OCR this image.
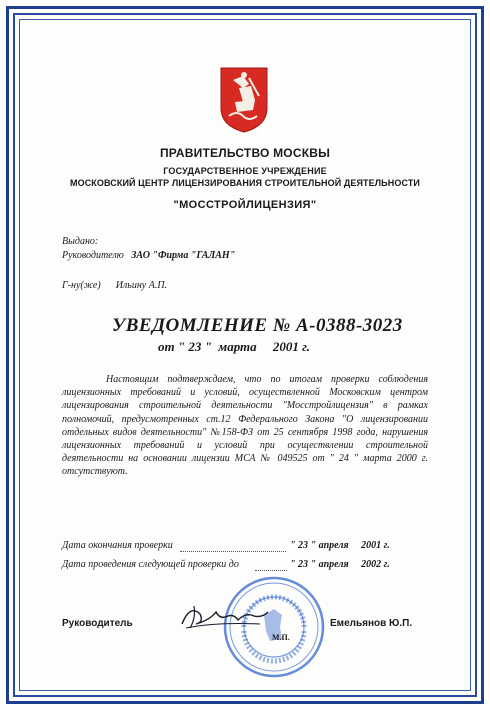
ПРАВИТЕЛЬСТВО МОСКВЫ
ГОСУДАРСТВЕННОЕ УЧРЕЖДЕНИЕ
МОСКОВСКИЙ ЦЕНТР ЛИЦЕНЗИРОВАНИЯ СТРОИТЕЛЬНОЙ ДЕЯТЕЛЬНОСТИ
"МОССТРОЙЛИЦЕНЗИЯ"
Выдано:
Руководителю ЗАО "Фирма "ГАЛАН"
Г-ну(же) Ильину А.П.
УВЕДОМЛЕНИЕ № А-0388-3023
от " 23 "  марта     2001 г.

Настоящим подтверждаем, что по итогам проверки соблюдения лицензионных требований и условий, осуществленной Московским центром лицензирования строительной деятельности "Мосстройлицензия" в рамках полномочий, предусмотренных ст.12 Федерального Закона "О лицензировании отдельных видов деятельности" №158-ФЗ от 25 сентября 1998 года, нарушения лицензионных требований и условий при осуществлении строительной деятельности на основании лицензии МСА № 049525 от " 24 " марта 2000 г. отсутствуют.

Дата окончания проверки	" 23 " апреля     2001 г.
Дата проведения следующей проверки до	" 23 " апреля     2002 г.
Руководитель
М.П.
Емельянов Ю.П.
